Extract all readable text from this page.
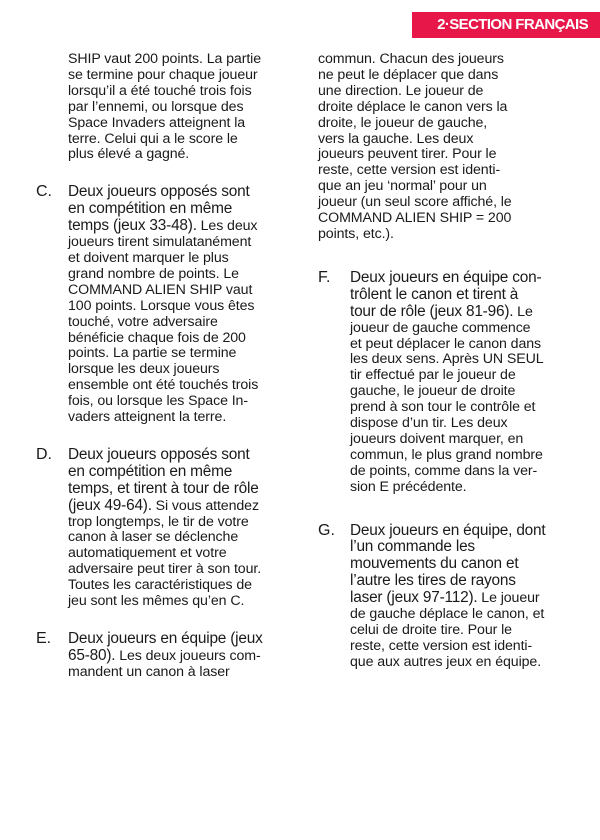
2·SECTION FRANÇAIS

SHIP vaut 200 points. La partie
se termine pour chaque joueur
lorsqu’il a été touché trois fois
par l’ennemi, ou lorsque des
Space Invaders atteignent la
terre. Celui qui a le score le
plus élevé a gagné.

C. Deux joueurs opposés sont
en compétition en même
temps (jeux 33-48). Les deux
joueurs tirent simulatanément
et doivent marquer le plus
grand nombre de points. Le
COMMAND ALIEN SHIP vaut
100 points. Lorsque vous êtes
touché, votre adversaire
bénéficie chaque fois de 200
points. La partie se termine
lorsque les deux joueurs
ensemble ont été touchés trois
fois, ou lorsque les Space In-
vaders atteignent la terre.

D. Deux joueurs opposés sont
en compétition en même
temps, et tirent à tour de rôle
(jeux 49-64). Si vous attendez
trop longtemps, le tir de votre
canon à laser se déclenche
automatiquement et votre
adversaire peut tirer à son tour.
Toutes les caractéristiques de
jeu sont les mêmes qu’en C.

E. Deux joueurs en équipe (jeux
65-80). Les deux joueurs com-
mandent un canon à laser

commun. Chacun des joueurs
ne peut le déplacer que dans
une direction. Le joueur de
droite déplace le canon vers la
droite, le joueur de gauche,
vers la gauche. Les deux
joueurs peuvent tirer. Pour le
reste, cette version est identi-
que an jeu ‘normal’ pour un
joueur (un seul score affiché, le
COMMAND ALIEN SHIP = 200
points, etc.).

F. Deux joueurs en équipe con-
trôlent le canon et tirent à
tour de rôle (jeux 81-96). Le
joueur de gauche commence
et peut déplacer le canon dans
les deux sens. Après UN SEUL
tir effectué par le joueur de
gauche, le joueur de droite
prend à son tour le contrôle et
dispose d’un tir. Les deux
joueurs doivent marquer, en
commun, le plus grand nombre
de points, comme dans la ver-
sion E précédente.

G. Deux joueurs en équipe, dont
l’un commande les
mouvements du canon et
l’autre les tires de rayons
laser (jeux 97-112). Le joueur
de gauche déplace le canon, et
celui de droite tire. Pour le
reste, cette version est identi-
que aux autres jeux en équipe.
